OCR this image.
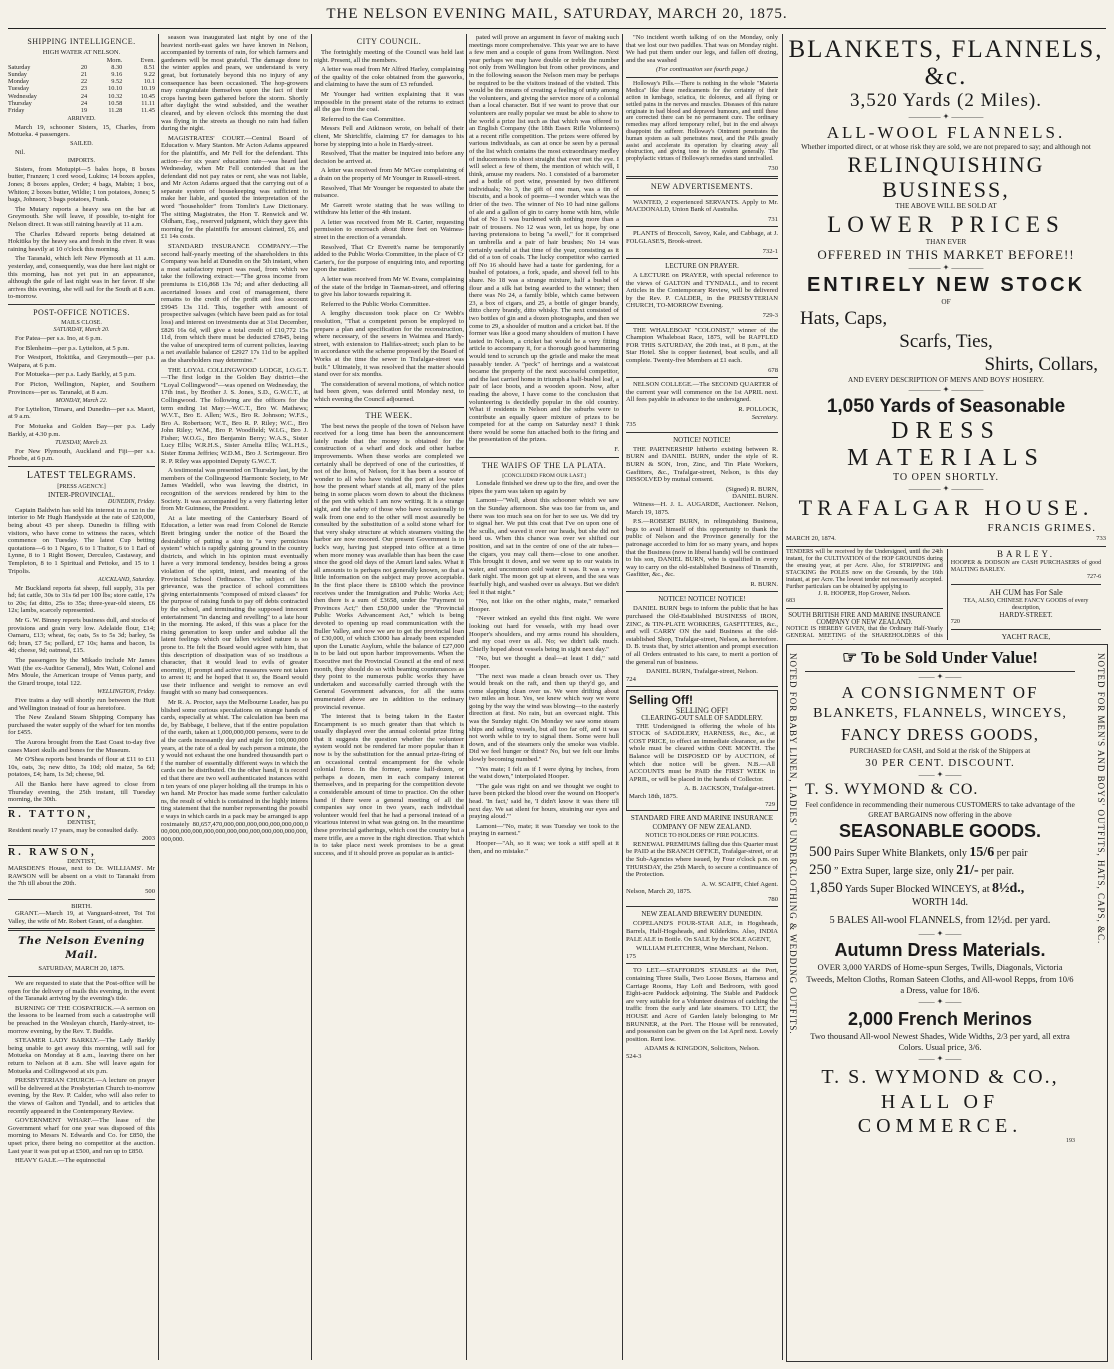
THE NELSON EVENING MAIL, SATURDAY, MARCH 20, 1875.
SHIPPING INTELLIGENCE.
HIGH WATER AT NELSON.
		Morn.	Even.
Saturday	20	8.30	8.51
Sunday	21	9.16	9.22
Monday	22	9.52	10.1
Tuesday	23	10.10	10.19
Wednesday	24	10.32	10.45
Thursday	24	10.58	11.11
Friday	19	11.28	11.45
ARRIVED.

March 19, schooner Sisters, 15, Charles, from Motueka. 4 passengers.

SAILED.

Nil.

IMPORTS.

Sisters, from Motupipi—5 bales hops, 8 boxes butter, Franzen; 1 cord wood, Lukins; 14 boxes apples, Jones; 8 boxes apples, Order; 4 bags, Mabin; 1 box, Whiton; 2 boxes butter, Wildie; 1 ton potatoes, Jones; 5 bags, Johnson; 3 bags potatoes, Frank.

The Mutary reports a heavy sea on the bar at Greymouth. She will leave, if possible, to-night for Nelson direct. It was still raining heavily at 11 a.m.

The Charles Edward reports being detained at Hokitika by the heavy sea and fresh in the river. It was raining heavily at 10 o'clock this morning.

The Taranaki, which left New Plymouth at 11 a.m. yesterday, and, consequently, was due here last night or this morning, has not yet put in an appearance, although the gale of last night was in her favor. If she arrives this evening, she will sail for the South at 8 a.m. to-morrow.

POST-OFFICE NOTICES.
MAILS CLOSE.
SATURDAY, March 20.

For Patea—per s.s. Ino, at 6 p.m.

For Blenheim—per p.s. Lyttelton, at 5 p.m.

For Westport, Hokitika, and Greymouth—per p.s. Waipara, at 6 p.m.

For Motueka—per p.s. Lady Barkly, at 5 p.m.

For Picton, Wellington, Napier, and Southern Provinces—per ss. Taranaki, at 8 a.m.

MONDAY, March 22.

For Lyttelton, Timaru, and Dunedin—per s.s. Maori, at 9 a.m.

For Motueka and Golden Bay—per p.s. Lady Barkly, at 4.30 p.m.

TUESDAY, March 23.

For New Plymouth, Auckland and Fiji—per s.s. Phoebe, at 6 p.m.

LATEST TELEGRAMS.
[PRESS AGENCY.]
INTER-PROVINCIAL.
DUNEDIN, Friday.

Captain Baldwin has sold his interest in a run in the interior to Mr Hugh Handyside at the rate of £20,000, being about 43 per sheep. Dunedin is filling with visitors, who have come to witness the races, which commence on Tuesday. The latest Cup betting quotations—6 to 1 Ngaro, 6 to 1 Traitor, 6 to 1 Earl of Lynne, 8 to 1 Right Bower, Derculeo, Castaway, and Templeton, 8 to 1 Spiritual and Pettoke, and 15 to 1 Tripolis.

AUCKLAND, Saturday.

Mr Buckland reports fat sheep, full supply, 31s per hd; fat cattle, 30s to 31s 6d per 100 lbs; store cattle, 17s to 20s; fat ditto, 25s to 35s; three-year-old steers, £6 12s; lambs, scarcely represented.

Mr G. W. Binney reports business dull, and stocks of provisions and grain very low. Adelaide flour, £14; Oamaru, £13; wheat, 6s; oats, 5s to 5s 3d; barley, 5s 6d; bran, £7 5s; pollard, £7 10s; hams and bacon, 1s 4d; cheese, 9d; oatmeal, £15.

The passengers by the Mikado include Mr James Watt (the ex-Auditor General), Mrs Watt, Colonel and Mrs Moule, the American troupe of Venus party, and the Girard troupe, total 122.

WELLINGTON, Friday.

Five trains a day will shortly run between the Hutt and Wellington instead of four as heretofore.

The New Zealand Steam Shipping Company has purchased the water supply of the wharf for ten months for £455.

The Aurora brought from the East Coast to-day five cases Maori skulls and bones for the Museum.

Mr O'Shea reports best brands of flour at £11 to £11 10s, oats, 3s; new ditto, 3s 10d; old maize, 5s 6d; potatoes, £4; ham, 1s 3d; cheese, 9d.

All the Banks here have agreed to close from Thursday evening, the 25th instant, till Tuesday morning, the 30th.

R. TATTON,
DENTIST,
Resident nearly 17 years, may be consulted daily.
2003
R. RAWSON,
DENTIST,
MARSDEN'S House, next to Dr. WILLIAMS'. Mr RAWSON will be absent on a visit to Taranaki from the 7th till about the 20th.
500
BIRTH.

GRANT.—March 19, at Vanguard-street, Toi Toi Valley, the wife of Mr. Robert Grant, of a daughter.

The Nelson Evening Mail.
SATURDAY, MARCH 20, 1875.

We are requested to state that the Post-office will be open for the delivery of mails this evening, in the event of the Taranaki arriving by the evening's tide.

BURNING OF THE COSPATRICK.—A sermon on the lessons to be learned from such a catastrophe will be preached in the Wesleyan church, Hardy-street, to-morrow evening, by the Rev. T. Buddle.

STEAMER LADY BARKLY.—The Lady Barkly being unable to get away this morning, will sail for Motueka on Monday at 8 a.m., leaving there on her return to Nelson at 8 a.m. She will leave again for Motueka and Collingwood at six p.m.

PRESBYTERIAN CHURCH.—A lecture on prayer will be delivered at the Presbyterian Church to-morrow evening, by the Rev. P. Calder, who will also refer to the views of Galton and Tyndall, and to articles that recently appeared in the Contemporary Review.

GOVERNMENT WHARF.—The lease of the Government wharf for one year was disposed of this morning to Messrs N. Edwards and Co. for £850, the upset price, there being no competitor at the auction. Last year it was put up at £500, and ran up to £850.

HEAVY GALE.—The equinoctial

season was inaugurated last night by one of the heaviest north-east gales we have known in Nelson, accompanied by torrents of rain, for which farmers and gardeners will be most grateful. The damage done to the winter apples and pears, we understand is very great, but fortunately beyond this no injury of any consequence has been occasioned. The hop-growers may congratulate themselves upon the fact of their crops having been gathered before the storm. Shortly after daylight the wind subsided, and the weather cleared, and by eleven o'clock this morning the dust was flying in the streets as though no rain had fallen during the night.

MAGISTRATES' COURT.—Central Board of Education v. Mary Stanton. Mr Acton Adams appeared for the plaintiffs, and Mr Fell for the defendant. This action—for six years' education rate—was heard last Wednesday, when Mr Fell contended that as the defendant did not pay rates or rent, she was not liable, and Mr Acton Adams argued that the carrying out of a separate system of housekeeping was sufficient to make her liable, and quoted the interpretation of the word "householder" from Tomlin's Law Dictionary. The sitting Magistrates, the Hon T. Renwick and W. Oldham, Esq., reserved judgment, which they gave this morning for the plaintiffs for amount claimed, £6, and £1 14s costs.

STANDARD INSURANCE COMPANY.—The second half-yearly meeting of the shareholders in this Company was held at Dunedin on the 5th instant, when a most satisfactory report was read, from which we take the following extract:—"The gross income from premiums is £16,868 13s 7d; and after deducting all ascertained losses and cost of management, there remains to the credit of the profit and loss account £9945 13s 11d. This, together with amount of prospective salvages (which have been paid as for total loss) and interest on investments due at 31st December, £826 16s 6d, will give a total credit of £10,772 15s 11d, from which there must be deducted £7845, being the value of unexpired term of current policies, leaving a net available balance of £2927 17s 11d to be applied as the shareholders may determine."

THE LOYAL COLLINGWOOD LODGE, I.O.G.T.—The first lodge in the Golden Bay district—the "Loyal Collingwood"—was opened on Wednesday, the 17th inst., by Brother J. S. Jones, S.D., G.W.C.T., at Collingwood. The following are the officers for the term ending 1st May:—W.C.T., Bro W. Mathews; W.V.T., Bro E. Allen; W.S., Bro R. Johnson; W.F.S., Bro A. Robertson; W.T., Bro R. P. Riley; W.C., Bro John Riley; W.M., Bro P. Woodfield; W.I.G., Bro J. Fisher; W.O.G., Bro Benjamin Berry; W.A.S., Sister Lucy Ellis; W.R.H.S., Sister Amelia Ellis; W.L.H.S., Sister Emma Jeffries; W.D.M., Bro J. Scrimgeour. Bro R. P. Riley was appointed Deputy G.W.C.T.

A testimonial was presented on Thursday last, by the members of the Collingwood Harmonic Society, to Mr James Waddell, who was leaving the district, in recognition of the services rendered by him to the Society. It was accompanied by a very flattering letter from Mr Guinness, the President.

At a late meeting of the Canterbury Board of Education, a letter was read from Colonel de Renzie Brett bringing under the notice of the Board the desirability of putting a stop to "a very pernicious system" which is rapidly gaining ground in the country districts, and which in his opinion must eventually have a very immoral tendency, besides being a gross violation of the spirit, intent, and meaning of the Provincial School Ordinance. The subject of his grievance, was the practice of school committees giving entertainments "composed of mixed classes" for the purpose of raising funds to pay off debts contracted by the school, and terminating the supposed innocent entertainment "in dancing and revelling" to a late hour in the morning. He asked, if this was a place for the rising generation to keep under and subdue all the latent feelings which our fallen wicked nature is so prone to. He felt the Board would agree with him, that this description of dissipation was of so insidious a character, that it would lead to evils of greater enormity, if prompt and active measures were not taken to arrest it; and he hoped that it so, the Board would use their influence and weight to remove an evil fraught with so many bad consequences.

Mr R. A. Proctor, says the Melbourne Leader, has published some curious speculations on strange hands of cards, especially at whist. The calculation has been made, by Babbage, I believe, that if the entire population of the earth, taken at 1,000,000,000 persons, were to deal the cards incessantly day and night for 100,000,000 years, at the rate of a deal by each person a minute, they would not exhaust the one hundred thousandth part of the number of essentially different ways in which the cards can be distributed. On the other hand, it is recorded that there are two well authenticated instances within ten years of one player holding all the trumps in his own hand. Mr Proctor has made some further calculations, the result of which is contained in the highly interesting statement that the number representing the possible ways in which cards in a pack may be arranged is approximately 80,657,470,000,000,000,000,000,000,000,000,000,000,000,000,000,000,000,000,000,000,000,000,000,000.

CITY COUNCIL.

The fortnightly meeting of the Council was held last night. Present, all the members.

A letter was read from Mr Alfred Harley, complaining of the quality of the coke obtained from the gasworks, and claiming to have the sum of £3 refunded.

Mr Younger had written explaining that it was impossible in the present state of the returns to extract all the gas from the coal.

Referred to the Gas Committee.

Messrs Fell and Atkinson wrote, on behalf of their client, Mr Shirtcliffe, claiming £7 for damages to his horse by stepping into a hole in Hardy-street.

Resolved, That the matter be inquired into before any decision be arrived at.

A letter was received from Mr M'Gee complaining of a drain on the property of Mr Younger in Russell-street.

Resolved, That Mr Younger be requested to abate the nuisance.

Mr Garrett wrote stating that he was willing to withdraw his letter of the 4th instant.

A letter was received from Mr R. Carter, requesting permission to encroach about three feet on Waimea-street in the erection of a verandah.

Resolved, That Cr Everett's name be temporarily added to the Public Works Committee, in the place of Cr Carter's, for the purpose of enquiring into, and reporting upon the matter.

A letter was received from Mr W. Evans, complaining of the state of the bridge in Tasman-street, and offering to give his labor towards repairing it.

Referred to the Public Works Committee.

A lengthy discussion took place on Cr Webb's resolution, "That a competent person be employed to prepare a plan and specification for the reconstruction, where necessary, of the sewers in Waimea and Hardy-street, with extension to Halifax-street; such plan to be in accordance with the scheme proposed by the Board of Works at the time the sewer in Trafalgar-street was built." Ultimately, it was resolved that the matter should stand over for six months.

The consideration of several motions, of which notice had been given, was deferred until Monday next, to which evening the Council adjourned.

THE WEEK.

The best news the people of the town of Nelson have received for a long time has been the announcement lately made that the money is obtained for the construction of a wharf and dock and other harbor improvements. When these works are completed we certainly shall be deprived of one of the curiosities, if not of the lions, of Nelson, for it has been a source of wonder to all who have visited the port at low water how the present wharf stands at all, many of the piles being in some places worn down to about the thickness of the pen with which I am now writing. It is a strange sight, and the safety of those who have occasionally to walk from one end to the other will most assuredly be consulted by the substitution of a solid stone wharf for that very shaky structure at which steamers visiting the harbor are now moored. Our present Government is in luck's way, having just stepped into office at a time when more money was available than has been the case since the good old days of the Amuri land sales. What it all amounts to is perhaps not generally known, so that a little information on the subject may prove acceptable. In the first place there is £8100 which the province receives under the Immigration and Public Works Act; then there is a sum of £3658, under the "Payment to Provinces Act;" then £50,000 under the "Provincial Public Works Advancement Act," which is being devoted to opening up road communication with the Buller Valley, and now we are to get the provincial loan of £30,000, of which £3000 has already been expended upon the Lunatic Asylum, while the balance of £27,000 is to be laid out upon harbor improvements. When the Executive met the Provincial Council at the end of next month, they should do so with beaming countenances as they point to the numerous public works they have undertaken and successfully carried through with the General Government advances, for all the sums enumerated above are in addition to the ordinary provincial revenue.

The interest that is being taken in the Easter Encampment is so much greater than that which is usually displayed over the annual colonial prize firing that it suggests the question whether the volunteer system would not be rendered far more popular than it now is by the substitution for the annual prize-firing of an occasional central encampment for the whole colonial force. In the former, some half-dozen, or perhaps a dozen, men in each company interest themselves, and in preparing for the competition devote a considerable amount of time to practice. On the other hand if there were a general meeting of all the companies say once in two years, each individual volunteer would feel that he had a personal instead of a vicarious interest in what was going on. In the meantime these provincial gatherings, which cost the country but a mere trifle, are a move in the right direction. That which is to take place next week promises to be a great success, and if it should prove as popular as is antici-

pated will prove an argument in favor of making such meetings more comprehensive. This year we are to have a few men and a couple of guns from Wellington. Next year perhaps we may have double or treble the number not only from Wellington but from other provinces, and in the following season the Nelson men may be perhaps be required to be the visitors instead of the visited. This would be the means of creating a feeling of unity among the volunteers, and giving the service more of a colonial than a local character. But if we want to prove that our volunteers are really popular we must be able to show to the world a prize list such as that which was offered to an English Company (the 18th Essex Rifle Volunteers) at a recent rifle competition. The prizes were offered by various individuals, as can at once be seen by a perusal of the list which contains the most extraordinary medley of inducements to shoot straight that ever met the eye. I will select a few of them, the mention of which will, I think, amuse my readers. No. 1 consisted of a barometer and a bottle of port wine, presented by two different individuals; No 3, the gift of one man, was a tin of biscuits, and a book of poems—I wonder which was the drier of the two. The winner of No 10 had nine gallons of ale and a gallon of gin to carry home with him, while that of No 11 was burdened with nothing more than a pair of trousers. No 12 was won, let us hope, by one having pretensions to being "a swell," for it comprised an umbrella and a pair of hair brushes; No 14 was certainly useful at that time of the year, consisting as it did of a ton of coals. The lucky competitor who carried off No 16 should have had a taste for gardening, for a bushel of potatoes, a fork, spade, and shovel fell to his share. No 18 was a strange mixture, half a bushel of flour and a silk hat being awarded to the winner; then there was No 24, a family bible, which came between 23, a box of cigars, and 25, a bottle of ginger brandy, ditto cherry brandy, ditto whisky. The next consisted of two bottles of gin and a dozen photographs, and then we come to 29, a shoulder of mutton and a cricket bat. If the former was like a good many shoulders of mutton I have tasted in Nelson, a cricket bat would be a very fitting article to accompany it, for a thorough good hammering would tend to scrunch up the gristle and make the meat passably tender. A "peck" of herrings and a waistcoat became the property of the next successful competitor, and the last carried home in triumph a half-bushel loaf, a pair of lace boots, and a wooden spoon. Now, after reading the above, I have come to the conclusion that volunteering is decidedly popular in the old country. What if residents in Nelson and the suburbs were to contribute an equally queer mixture of prizes to be competed for at the camp on Saturday next? I think there would be some fun attached both to the firing and the presentation of the prizes.

F.
THE WAIFS OF THE LA PLATA.
[CONCLUDED FROM OUR LAST.]

Lonsdale finished we drew up to the fire, and over the pipes the yarn was taken up again by

Lamont—"Well, about this schooner which we saw on the Sunday afternoon. She was too far from us, and there was too much sea on for her to see us. We did try to signal her. We put this coat that I've on upon one of the sculls, and waved it over our heads, but she did not heed us. When this chance was over we shifted our position, and sat in the centre of one of the air tubes—the cigars, you may call them—close to one another. This brought it down, and we were up to our waists in water, and uncommon cold water it was. It was a very dark night. The moon got up at eleven, and the sea was fearfully high, and washed over us always. But we didn't feel it that night."

"No, not like on the other nights, mate," remarked Hooper.

"Never winked an eyelid this first night. We were looking out hard for vessels, with my head over Hooper's shoulders, and my arms round his shoulders, and my coat over us all. No; we didn't talk much. Chiefly hoped about vessels being in sight next day."

"No, but we thought a deal—at least I did," said Hooper.

"The next was made a clean breach over us. They would break on the raft, and then up they'd go, and come slapping clean over us. We were drifting about two miles an hour. Yes, we knew which way we were going by the way the wind was blowing—to the easterly direction at first. No rain, but an overcast night. This was the Sunday night. On Monday we saw some steam ships and sailing vessels, but all too far off, and it was not worth while to try to signal them. Some were hull down, and of the steamers only the smoke was visible. Did we feel hunger or thirst? No, but we felt our limbs slowly becoming numbed."

"Yes mate; I felt as if I were dying by inches, from the waist down," interpolated Hooper.

"The gale was right on and we thought we ought to have been picked the blood over the wound on Hooper's head. 'In fact,' said he, 'I didn't know it was there till next day. We sat silent for hours, straining our eyes and praying aloud.'"

Lamont—"No, mate; it was Tuesday we took to the praying in earnest."

Hooper—"Ah, so it was; we took a stiff spell at it then, and no mistake."

"No incident worth talking of on the Monday, only that we lost our two paddles. That was on Monday night. We had put them under our legs, and fallen off dozing, and the sea washed

(For continuation see fourth page.)

Holloway's Pills.—There is nothing in the whole "Materia Medica" like these medicaments for the certainty of their action in lumbago, sciatica, tic doloreux, and all flying or settled pains in the nerves and muscles. Diseases of this nature originate in bad blood and depraved humours, and until these are corrected there can be no permanent cure. The ordinary remedies may afford temporary relief, but in the end always disappoint the sufferer. Holloway's Ointment penetrates the human system as salt penetrates meat, and the Pills greatly assist and accelerate its operation by clearing away all obstruction, and giving tone to the system generally. The prophylactic virtues of Holloway's remedies stand unrivalled.

730
NEW ADVERTISEMENTS.

WANTED, 2 experienced SERVANTS. Apply to Mr. MACDONALD, Union Bank of Australia.

731

PLANTS of Broccoli, Savoy, Kale, and Cabbage, at J. FOLGLASE'S, Brook-street.

732-1
LECTURE ON PRAYER.

A LECTURE on PRAYER, with special reference to the views of GALTON and TYNDALL, and to recent Articles in the Contemporary Review, will be delivered by the Rev. P. CALDER, in the PRESBYTERIAN CHURCH, TO-MORROW Evening.

729-3

THE WHALEBOAT "COLONIST," winner of the Champion Whaleboat Race, 1875, will be RAFFLED FOR THIS SATURDAY, the 20th inst., at 8 p.m., at the Star Hotel. She is copper fastened, boat sculls, and all complete. Twenty-five Members at £1 each.

678

NELSON COLLEGE.—The SECOND QUARTER of the current year will commence on the 1st APRIL next. All fees payable in advance to the undersigned.

R. POLLOCK,
Secretary.
735
NOTICE! NOTICE!

THE PARTNERSHIP hitherto existing between R. BURN and DANIEL BURN, under the style of R. BURN & SON, Iron, Zinc, and Tin Plate Workers, Gasfitters, &c., Trafalgar-street, Nelson, is this day DISSOLVED by mutual consent.

(Signed) R. BURN,
DANIEL BURN.

Witness—H. J. L. AUGARDE, Auctioneer. Nelson, March 19, 1875.

P.S.—ROBERT BURN, in relinquishing Business, begs to avail himself of this opportunity to thank the public of Nelson and the Province generally for the patronage accorded to him for so many years, and hopes that the Business (now in liberal hands) will be continued to his son, DANIEL BURN, who is qualified in every way to carry on the old-established Business of Tinsmith, Gasfitter, &c., &c.

R. BURN.
NOTICE! NOTICE! NOTICE!

DANIEL BURN begs to inform the public that he has purchased the Old-Established BUSINESS of IRON, ZINC, & TIN-PLATE WORKERS, GASFITTERS, &c., and will CARRY ON the said Business at the old-established Shop, Trafalgar-street, Nelson, as heretofore. D. B. trusts that, by strict attention and prompt execution of all Orders entrusted to his care, to merit a portion of the general run of business.

DANIEL BURN, Trafalgar-street, Nelson.
724
Selling Off!
SELLING OFF!
CLEARING-OUT SALE OF SADDLERY.

THE Undersigned is offering the whole of his STOCK of SADDLERY, HARNESS, &c., &c., at COST PRICE, to effect an immediate clearance, as the whole must be cleared within ONE MONTH. The Balance will be DISPOSED OF by AUCTION, of which due notice will be given. N.B.—All ACCOUNTS must be PAID the FIRST WEEK in APRIL, or will be placed in the hands of Collector.

A. B. JACKSON, Trafalgar-street.
March 18th, 1875.
729
STANDARD FIRE AND MARINE INSURANCE COMPANY OF NEW ZEALAND.
NOTICE TO HOLDERS OF FIRE POLICIES.

RENEWAL PREMIUMS falling due this Quarter must be PAID at the BRANCH OFFICE, Trafalgar-street, or at the Sub-Agencies where issued, by Four o'clock p.m. on THURSDAY, the 25th March, to secure a continuance of the Protection.

A. W. SCAIFE, Chief Agent.
Nelson, March 20, 1875.
780
NEW ZEALAND BREWERY DUNEDIN.

COPELAND'S FOUR-STAR ALE, in Hogsheads, Barrels, Half-Hogsheads, and Kilderkins. Also, INDIA PALE ALE in Bottle. On SALE by the SOLE AGENT,

WILLIAM FLETCHER, Wine Merchant, Nelson.
175

TO LET.—STAFFORD'S STABLES at the Port, containing Three Stalls, Two Loose Boxes, Harness and Carriage Rooms, Hay Loft and Bedroom, with good Eight-acre Paddock adjoining. The Stable and Paddock are very suitable for a Volunteer desirous of catching the traffic from the early and late steamers. TO LET, the HOUSE and Acre of Garden lately belonging to Mr BRUNNER, at the Port. The House will be renovated, and possession can be given on the 1st April next. Lovely position. Rent low.

ADAMS & KINGDON, Solicitors, Nelson.
524-3
BLANKETS, FLANNELS, &c.
3,520 Yards (2 Miles).
———— ✦ ————
ALL-WOOL FLANNELS.
Whether imported direct, or at whose risk they are sold, we are not prepared to say; and although not
RELINQUISHING BUSINESS,
THE ABOVE WILL BE SOLD AT
LOWER PRICES
THAN EVER
OFFERED IN THIS MARKET BEFORE!!
———— ✦ ————
ENTIRELY NEW STOCK
OF
Hats, Caps,
Scarfs, Ties,
Shirts, Collars,
AND EVERY DESCRIPTION OF MEN'S AND BOYS' HOSIERY.
———— ✦ ————
1,050 Yards of Seasonable
DRESS MATERIALS
TO OPEN SHORTLY.
———— ✦ ————
TRAFALGAR HOUSE.
FRANCIS GRIMES.
MARCH 20, 1874.	733
TENDERS will be received by the Undersigned, until the 24th instant, for the CULTIVATION of the HOP GROUNDS during the ensuing year, at per Acre. Also, for STRIPPING and STACKING the POLES now on the Grounds, by the 16th instant, at per Acre. The lowest tender not necessarily accepted. Further particulars can be obtained by applying to
J. R. HOOPER, Hop Grower, Nelson.
683
SOUTH BRITISH FIRE AND MARINE INSURANCE COMPANY OF NEW ZEALAND.
NOTICE IS HEREBY GIVEN, that the Ordinary Half-Yearly GENERAL MEETING of the SHAREHOLDERS of this

BARLEY.
HOOPER & DODSON are CASH PURCHASERS of good MALTING BARLEY.
727-6
AH CUM has For Sale
TEA, ALSO, CHINESE FANCY GOODS of every description,
HARDY-STREET.
720
YACHT RACE,
NOTED FOR BABY LINEN, LADIES' UNDERCLOTHING & WEDDING OUTFITS.	NOTED FOR MEN'S AND BOYS' OUTFITS, HATS, CAPS, &C.
☞ To be Sold Under Value!
—— ✦ ——
A CONSIGNMENT OF
BLANKETS, FLANNELS, WINCEYS,
FANCY DRESS GOODS,
PURCHASED for CASH, and Sold at the risk of the Shippers at
30 PER CENT. DISCOUNT.
—— ✦ ——
T. S. WYMOND & CO.
Feel confidence in recommending their numerous CUSTOMERS to take advantage of the GREAT BARGAINS now offering in the above
SEASONABLE GOODS.
500 Pairs Super White Blankets, only 15/6 per pair
250 ” Extra Super, large size, only 21/- per pair.
1,850 Yards Super Blocked WINCEYS, at 8½d.,
WORTH 14d.
5 BALES All-wool FLANNELS, from 12½d. per yard.
—— ✦ ——
Autumn Dress Materials.
OVER 3,000 YARDS of Home-spun Serges, Twills, Diagonals, Victoria Tweeds, Melton Cloths, Roman Sateen Cloths, and All-wool Repps, from 10/6 a Dress, value for 18/6.
—— ✦ ——
2,000 French Merinos
Two thousand All-wool Newest Shades, Wide Widths, 2/3 per yard, all extra Colors. Usual price, 3/6.
—— ✦ ——
T. S. WYMOND & CO.,
HALL OF COMMERCE.
193
